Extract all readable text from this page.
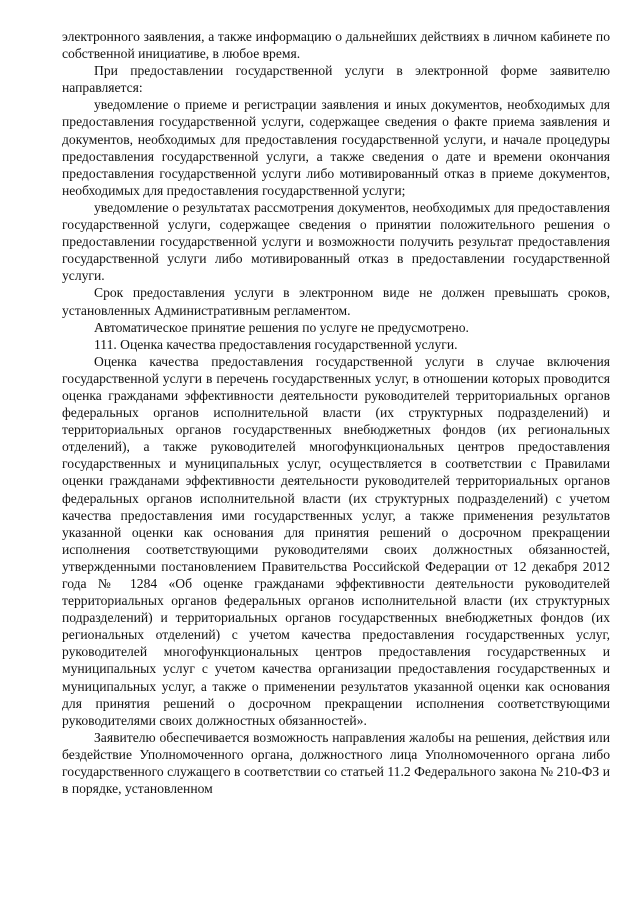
электронного заявления, а также информацию о дальнейших действиях в личном кабинете по собственной инициативе, в любое время.

При предоставлении государственной услуги в электронной форме заявителю направляется:

уведомление о приеме и регистрации заявления и иных документов, необходимых для предоставления государственной услуги, содержащее сведения о факте приема заявления и документов, необходимых для предоставления государственной услуги, и начале процедуры предоставления государственной услуги, а также сведения о дате и времени окончания предоставления государственной услуги либо мотивированный отказ в приеме документов, необходимых для предоставления государственной услуги;

уведомление о результатах рассмотрения документов, необходимых для предоставления государственной услуги, содержащее сведения о принятии положительного решения о предоставлении государственной услуги и возможности получить результат предоставления государственной услуги либо мотивированный отказ в предоставлении государственной услуги.

Срок предоставления услуги в электронном виде не должен превышать сроков, установленных Административным регламентом.

Автоматическое принятие решения по услуге не предусмотрено.

111. Оценка качества предоставления государственной услуги.

Оценка качества предоставления государственной услуги в случае включения государственной услуги в перечень государственных услуг, в отношении которых проводится оценка гражданами эффективности деятельности руководителей территориальных органов федеральных органов исполнительной власти (их структурных подразделений) и территориальных органов государственных внебюджетных фондов (их региональных отделений), а также руководителей многофункциональных центров предоставления государственных и муниципальных услуг, осуществляется в соответствии с Правилами оценки гражданами эффективности деятельности руководителей территориальных органов федеральных органов исполнительной власти (их структурных подразделений) с учетом качества предоставления ими государственных услуг, а также применения результатов указанной оценки как основания для принятия решений о досрочном прекращении исполнения соответствующими руководителями своих должностных обязанностей, утвержденными постановлением Правительства Российской Федерации от 12 декабря 2012 года № 1284 «Об оценке гражданами эффективности деятельности руководителей территориальных органов федеральных органов исполнительной власти (их структурных подразделений) и территориальных органов государственных внебюджетных фондов (их региональных отделений) с учетом качества предоставления государственных услуг, руководителей многофункциональных центров предоставления государственных и муниципальных услуг с учетом качества организации предоставления государственных и муниципальных услуг, а также о применении результатов указанной оценки как основания для принятия решений о досрочном прекращении исполнения соответствующими руководителями своих должностных обязанностей».

Заявителю обеспечивается возможность направления жалобы на решения, действия или бездействие Уполномоченного органа, должностного лица Уполномоченного органа либо государственного служащего в соответствии со статьей 11.2 Федерального закона № 210-ФЗ и в порядке, установленном
